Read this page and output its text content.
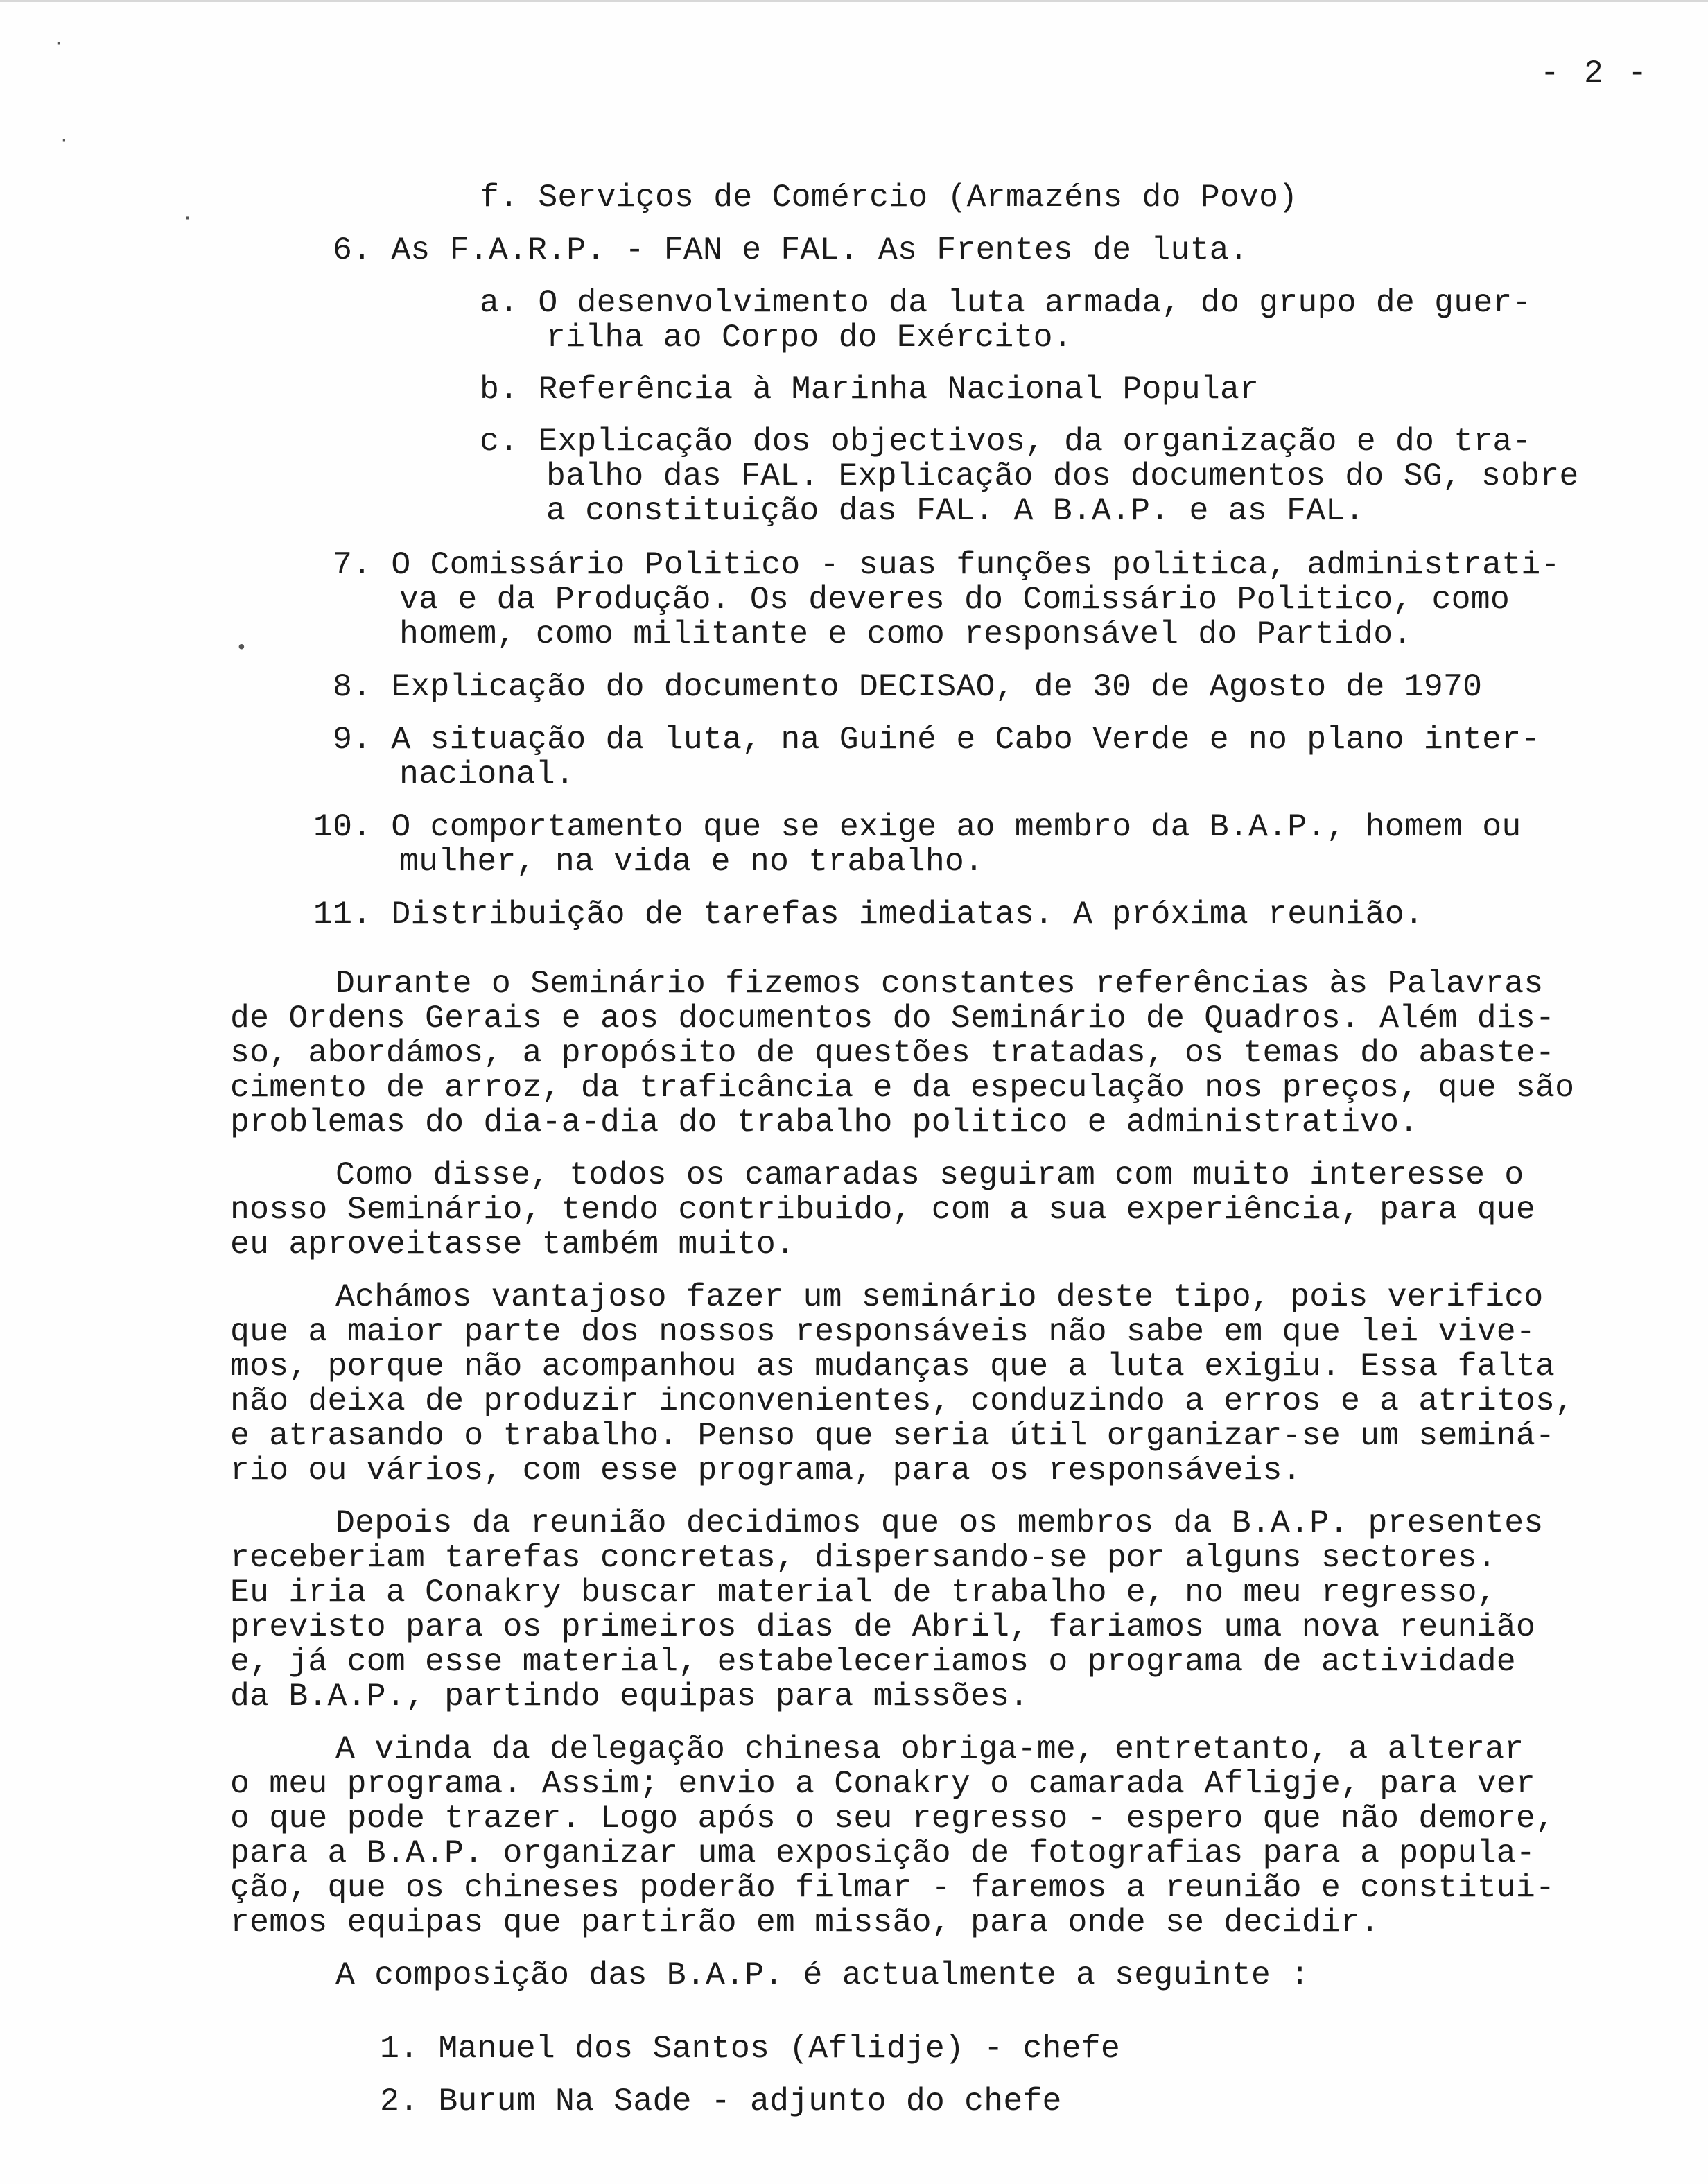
·
·
·
•
- 2 -
f. Serviços de Comércio (Armazéns do Povo)
6. As F.A.R.P. - FAN e FAL. As Frentes de luta.
a. O desenvolvimento da luta armada, do grupo de guer-
rilha ao Corpo do Exército.
b. Referência à Marinha Nacional Popular
c. Explicação dos objectivos, da organização e do tra-
balho das FAL. Explicação dos documentos do SG, sobre
a constituição das FAL. A B.A.P. e as FAL.
7. O Comissário Politico - suas funções politica, administrati-
va e da Produção. Os deveres do Comissário Politico, como
homem, como militante e como responsável do Partido.
8. Explicação do documento DECISAO, de 30 de Agosto de 1970
9. A situação da luta, na Guiné e Cabo Verde e no plano inter-
nacional.
10. O comportamento que se exige ao membro da B.A.P., homem ou
mulher, na vida e no trabalho.
11. Distribuição de tarefas imediatas. A próxima reunião.
Durante o Seminário fizemos constantes referências às Palavras
de Ordens Gerais e aos documentos do Seminário de Quadros. Além dis-
so, abordámos, a propósito de questões tratadas, os temas do abaste-
cimento de arroz, da traficância e da especulação nos preços, que são
problemas do dia-a-dia do trabalho politico e administrativo.
Como disse, todos os camaradas seguiram com muito interesse o
nosso Seminário, tendo contribuido, com a sua experiência, para que
eu aproveitasse também muito.
Achámos vantajoso fazer um seminário deste tipo, pois verifico
que a maior parte dos nossos responsáveis não sabe em que lei vive-
mos, porque não acompanhou as mudanças que a luta exigiu. Essa falta
não deixa de produzir inconvenientes, conduzindo a erros e a atritos,
e atrasando o trabalho. Penso que seria útil organizar-se um seminá-
rio ou vários, com esse programa, para os responsáveis.
Depois da reunião decidimos que os membros da B.A.P. presentes
receberiam tarefas concretas, dispersando-se por alguns sectores.
Eu iria a Conakry buscar material de trabalho e, no meu regresso,
previsto para os primeiros dias de Abril, fariamos uma nova reunião
e, já com esse material, estabeleceriamos o programa de actividade
da B.A.P., partindo equipas para missões.
A vinda da delegação chinesa obriga-me, entretanto, a alterar
o meu programa. Assim; envio a Conakry o camarada Afligje, para ver
o que pode trazer. Logo após o seu regresso - espero que não demore,
para a B.A.P. organizar uma exposição de fotografias para a popula-
ção, que os chineses poderão filmar - faremos a reunião e constitui-
remos equipas que partirão em missão, para onde se decidir.
A composição das B.A.P. é actualmente a seguinte :
1. Manuel dos Santos (Aflidje) - chefe
2. Burum Na Sade - adjunto do chefe
